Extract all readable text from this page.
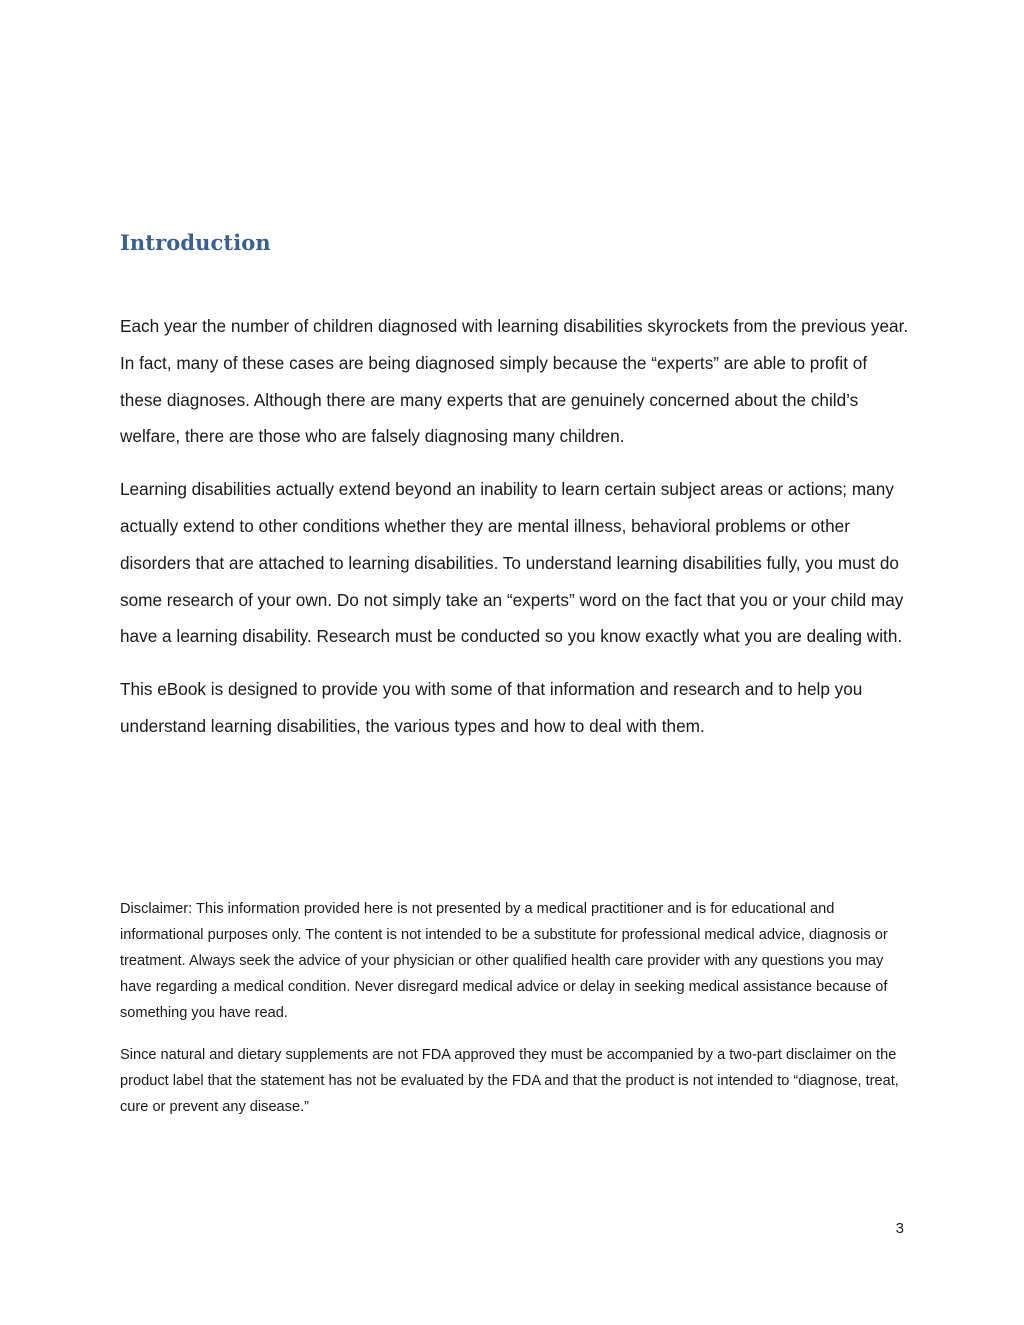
Introduction

Each year the number of children diagnosed with learning disabilities skyrockets from the previous year. In fact, many of these cases are being diagnosed simply because the “experts” are able to profit of these diagnoses. Although there are many experts that are genuinely concerned about the child’s welfare, there are those who are falsely diagnosing many children.

Learning disabilities actually extend beyond an inability to learn certain subject areas or actions; many actually extend to other conditions whether they are mental illness, behavioral problems or other disorders that are attached to learning disabilities. To understand learning disabilities fully, you must do some research of your own. Do not simply take an “experts” word on the fact that you or your child may have a learning disability. Research must be conducted so you know exactly what you are dealing with.

This eBook is designed to provide you with some of that information and research and to help you understand learning disabilities, the various types and how to deal with them.

Disclaimer: This information provided here is not presented by a medical practitioner and is for educational and informational purposes only. The content is not intended to be a substitute for professional medical advice, diagnosis or treatment. Always seek the advice of your physician or other qualified health care provider with any questions you may have regarding a medical condition. Never disregard medical advice or delay in seeking medical assistance because of something you have read.

Since natural and dietary supplements are not FDA approved they must be accompanied by a two-part disclaimer on the product label that the statement has not be evaluated by the FDA and that the product is not intended to “diagnose, treat, cure or prevent any disease.”

3
